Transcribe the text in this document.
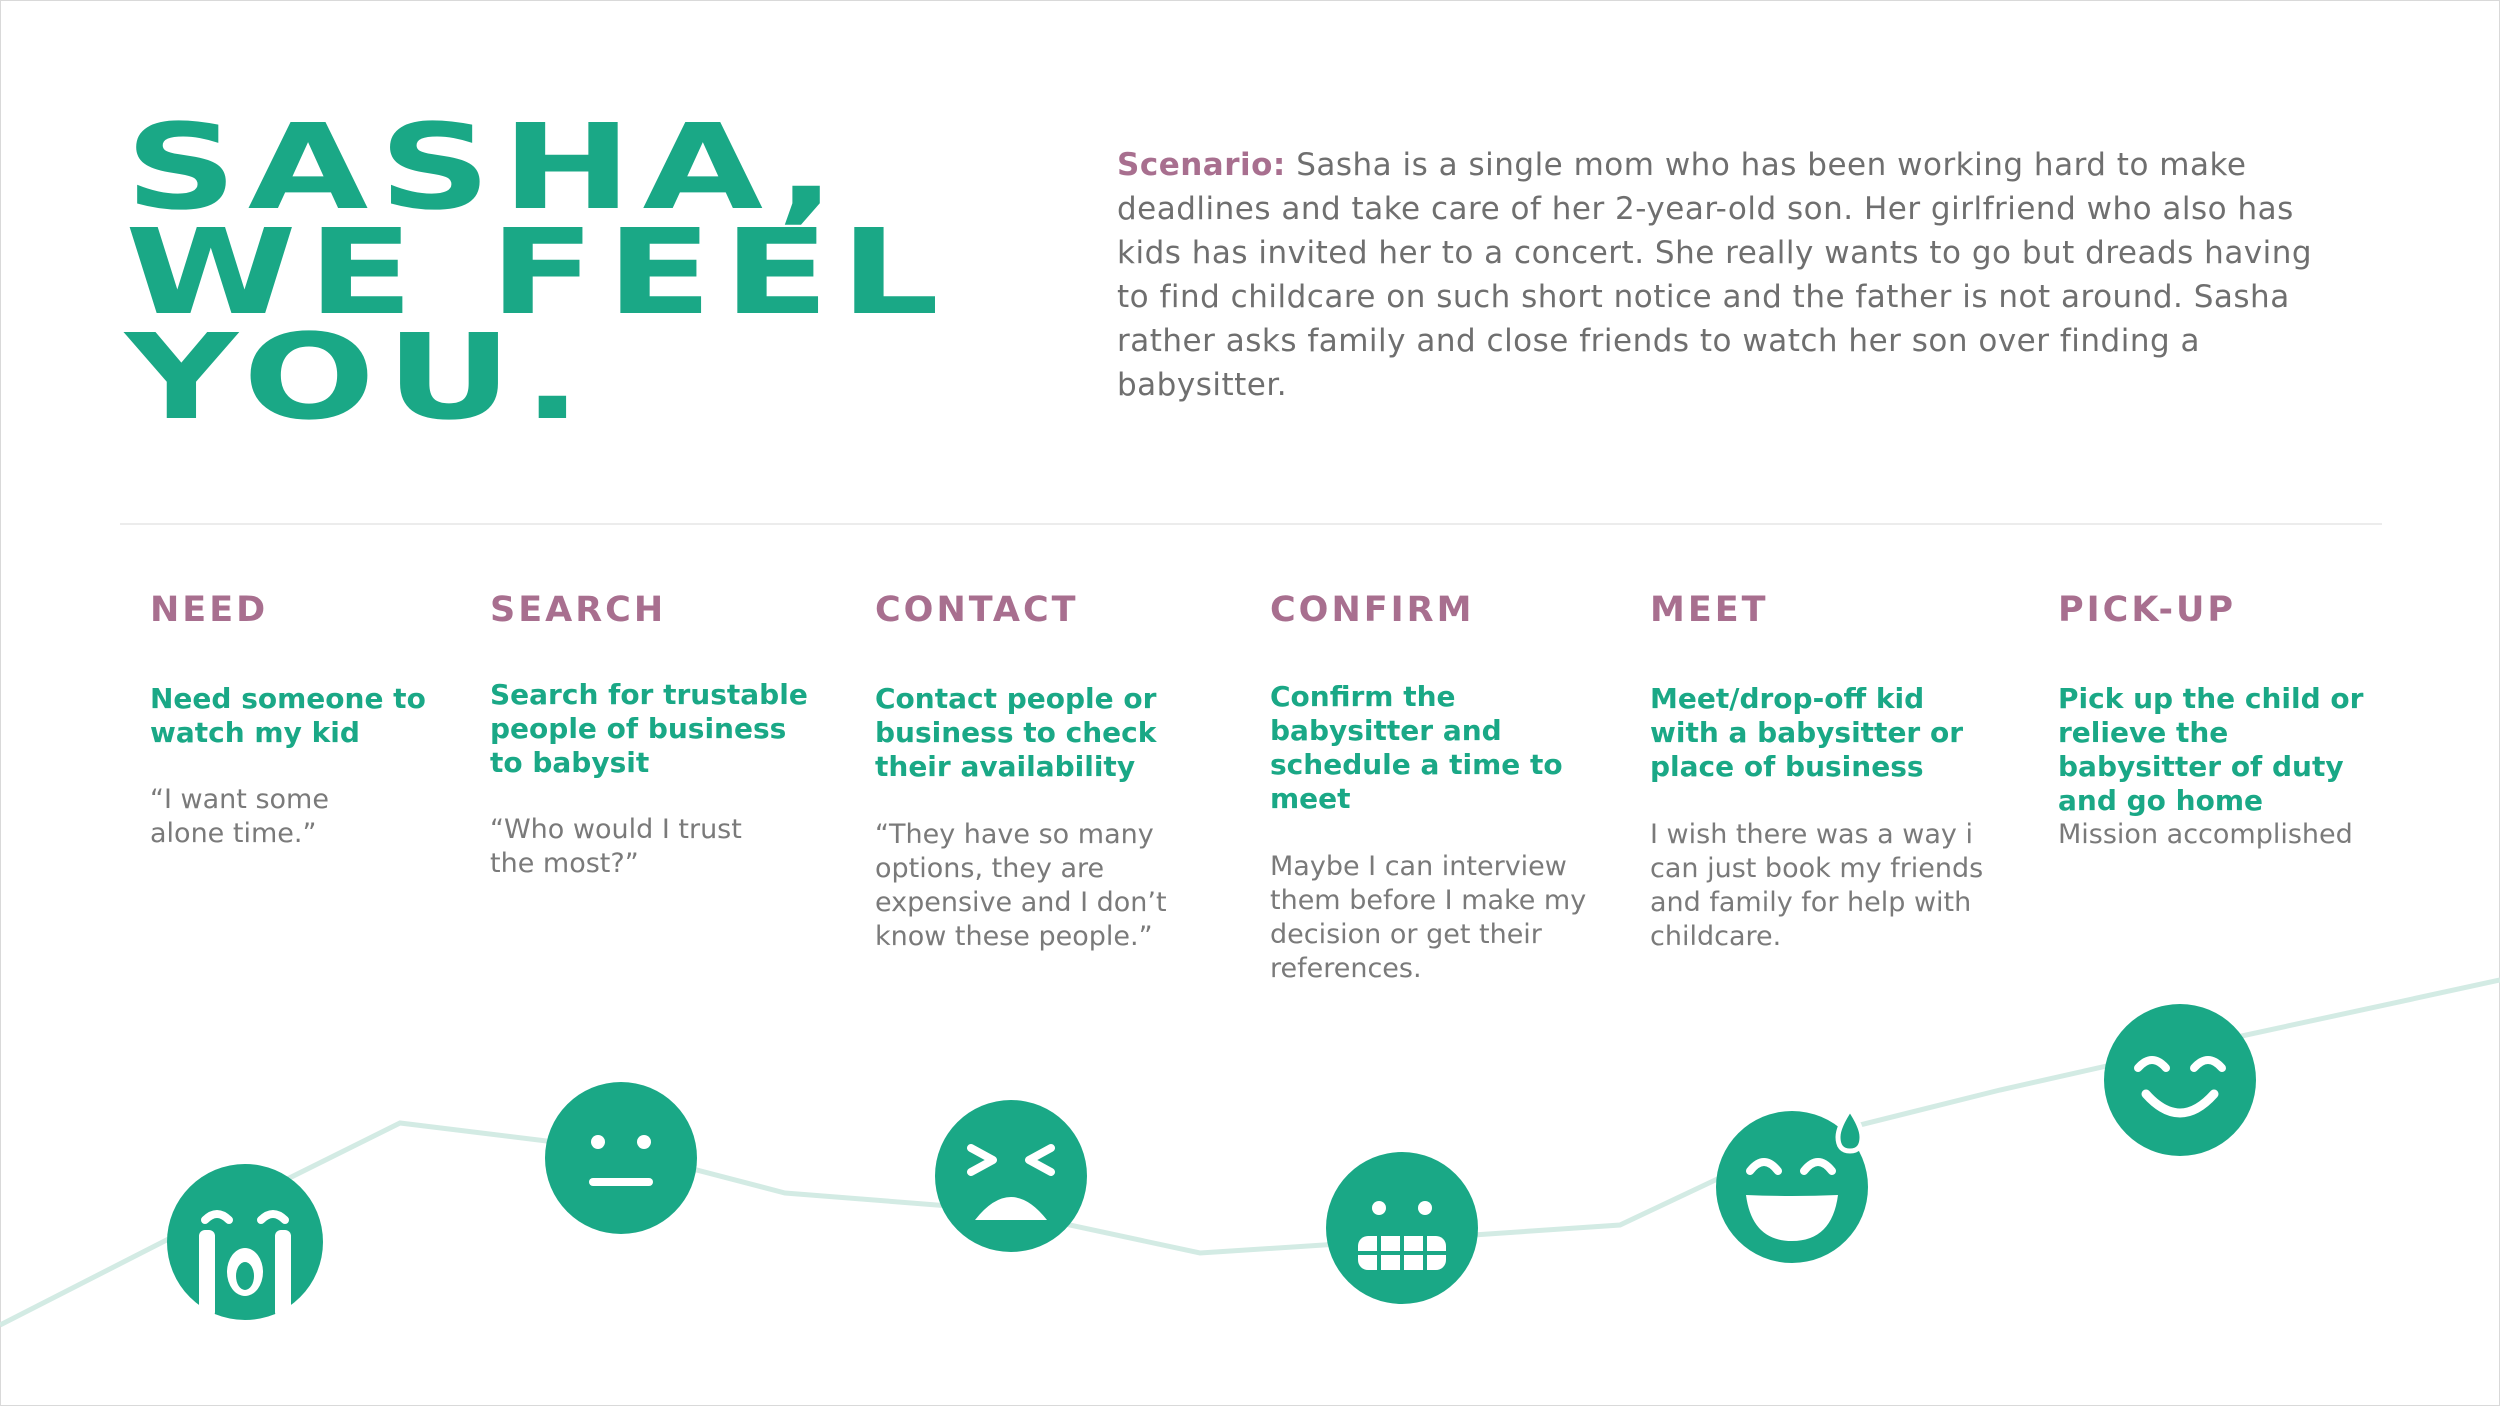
SASHA,
WE FEEL
YOU.

Scenario: Sasha is a single mom who has been working hard to make deadlines and take care of her 2-year-old son. Her girlfriend who also has kids has invited her to a concert. She really wants to go but dreads having to find childcare on such short notice and the father is not around. Sasha rather asks family and close friends to watch her son over finding a babysitter.

NEED
Need someone to watch my kid
“I want some alone time.”
SEARCH
Search for trustable people of business to babysit
“Who would I trust the most?”
CONTACT
Contact people or business to check their availability
“They have so many options, they are expensive and I don’t know these people.”
CONFIRM
Confirm the babysitter and schedule a time to meet
Maybe I can interview them before I make my decision or get their references.
MEET
Meet/drop-off kid with a babysitter or place of business
I wish there was a way i can just book my friends and family for help with childcare.
PICK-UP
Pick up the child or relieve the babysitter of duty and go home
Mission accomplished
